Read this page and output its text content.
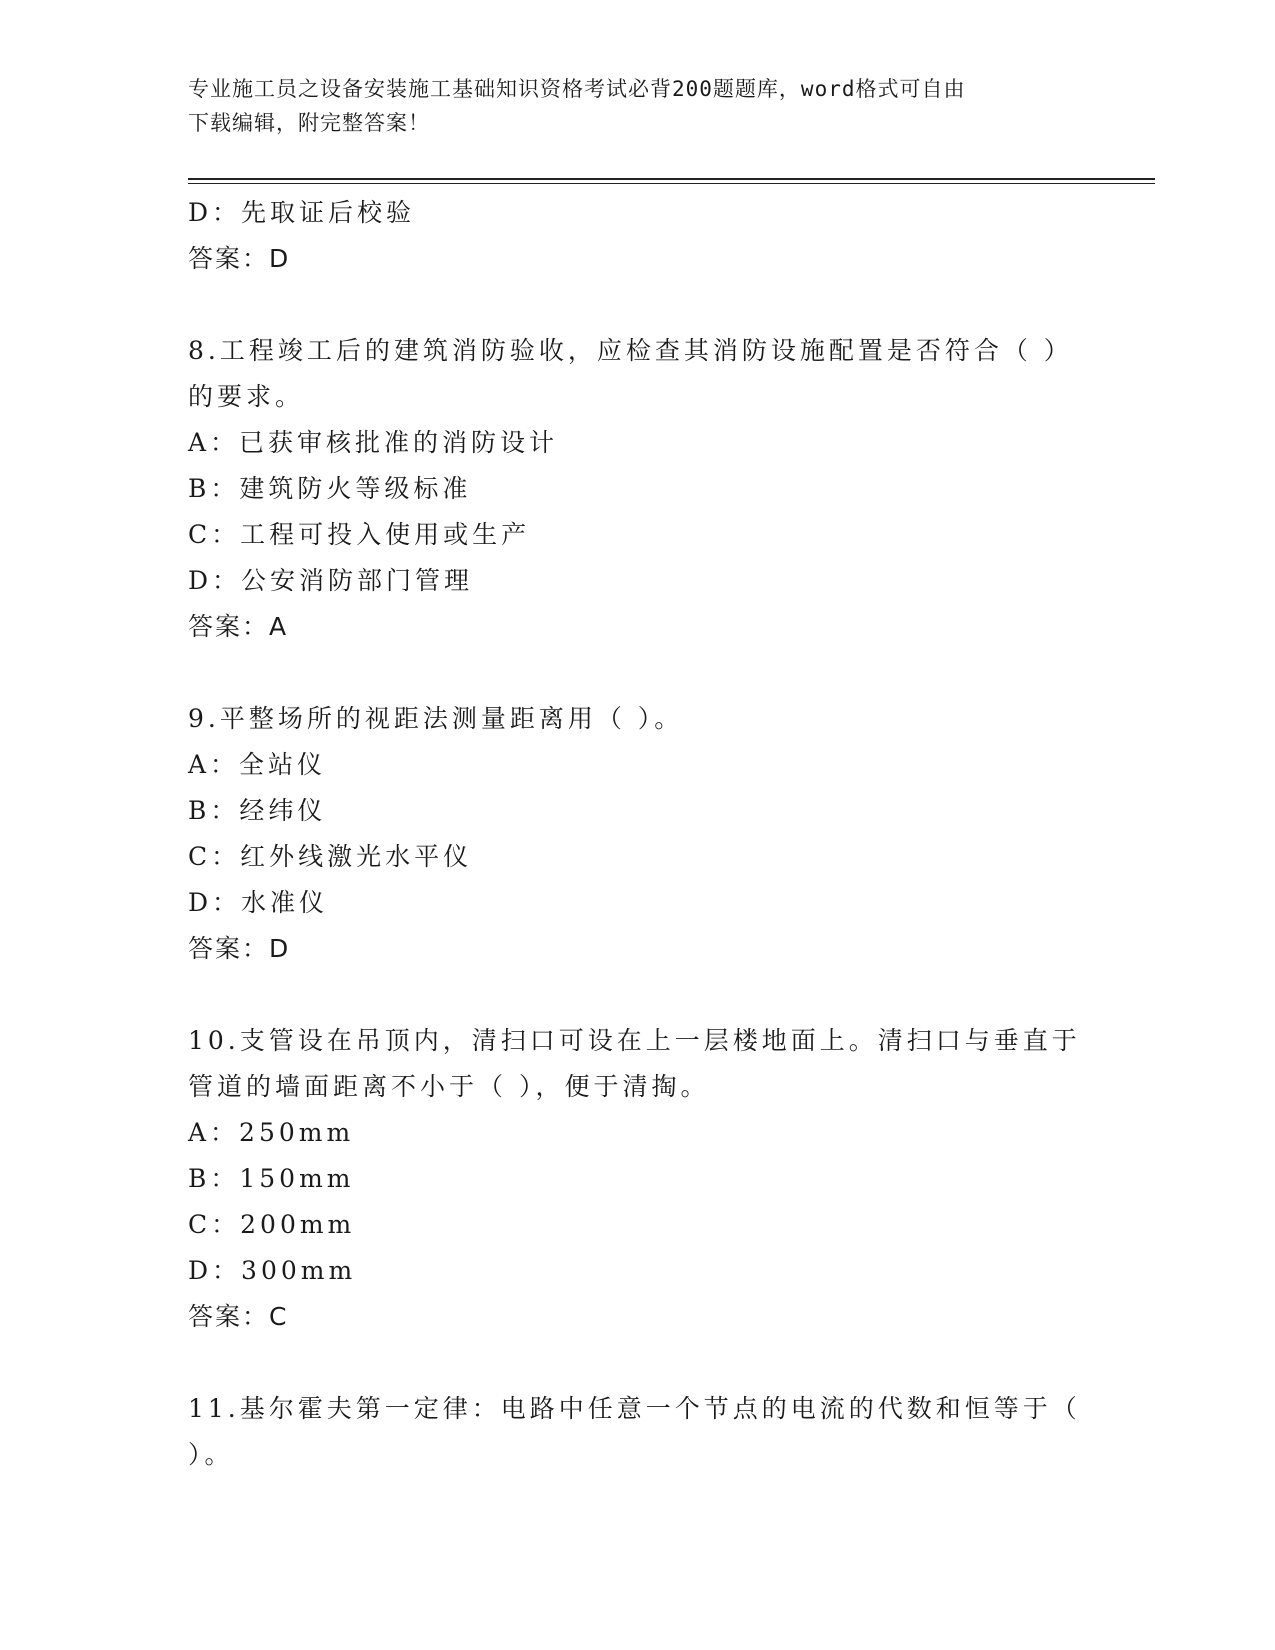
专业施工员之设备安装施工基础知识资格考试必背200题题库，word格式可自由
下载编辑，附完整答案！
D：先取证后校验
答案：D
8.工程竣工后的建筑消防验收，应检查其消防设施配置是否符合（ ）
的要求。
A：已获审核批准的消防设计
B：建筑防火等级标准
C：工程可投入使用或生产
D：公安消防部门管理
答案：A
9.平整场所的视距法测量距离用（ ）。
A：全站仪
B：经纬仪
C：红外线激光水平仪
D：水准仪
答案：D
10.支管设在吊顶内，清扫口可设在上一层楼地面上。清扫口与垂直于
管道的墙面距离不小于（ ），便于清掏。
A：250mm
B：150mm
C：200mm
D：300mm
答案：C
11.基尔霍夫第一定律：电路中任意一个节点的电流的代数和恒等于（
）。
